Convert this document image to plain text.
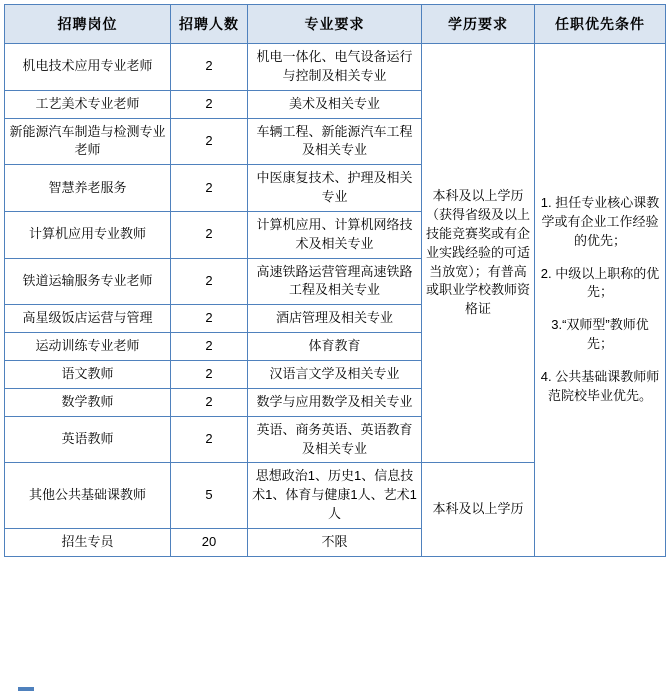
招聘岗位	招聘人数	专业要求	学历要求	任职优先条件
机电技术应用专业老师	2	机电一体化、电气设备运行与控制及相关专业	本科及以上学历（获得省级及以上技能竞赛奖或有企业实践经验的可适当放宽）；有普高或职业学校教师资格证	1. 担任专业核心课教学或有企业工作经验的优先；
2. 中级以上职称的优先；
3.“双师型”教师优先；
4. 公共基础课教师师范院校毕业优先。

工艺美术专业老师	2	美术及相关专业		
新能源汽车制造与检测专业老师	2	车辆工程、新能源汽车工程及相关专业		
智慧养老服务	2	中医康复技术、护理及相关专业		
计算机应用专业教师	2	计算机应用、计算机网络技术及相关专业		
铁道运输服务专业老师	2	高速铁路运营管理高速铁路工程及相关专业		
高星级饭店运营与管理	2	酒店管理及相关专业		
运动训练专业老师	2	体育教育		
语文教师	2	汉语言文学及相关专业		
数学教师	2	数学与应用数学及相关专业		
英语教师	2	英语、商务英语、英语教育及相关专业		
其他公共基础课教师	5	思想政治1、历史1、信息技术1、体育与健康1人、艺术1人	本科及以上学历	
招生专员	20	不限		
